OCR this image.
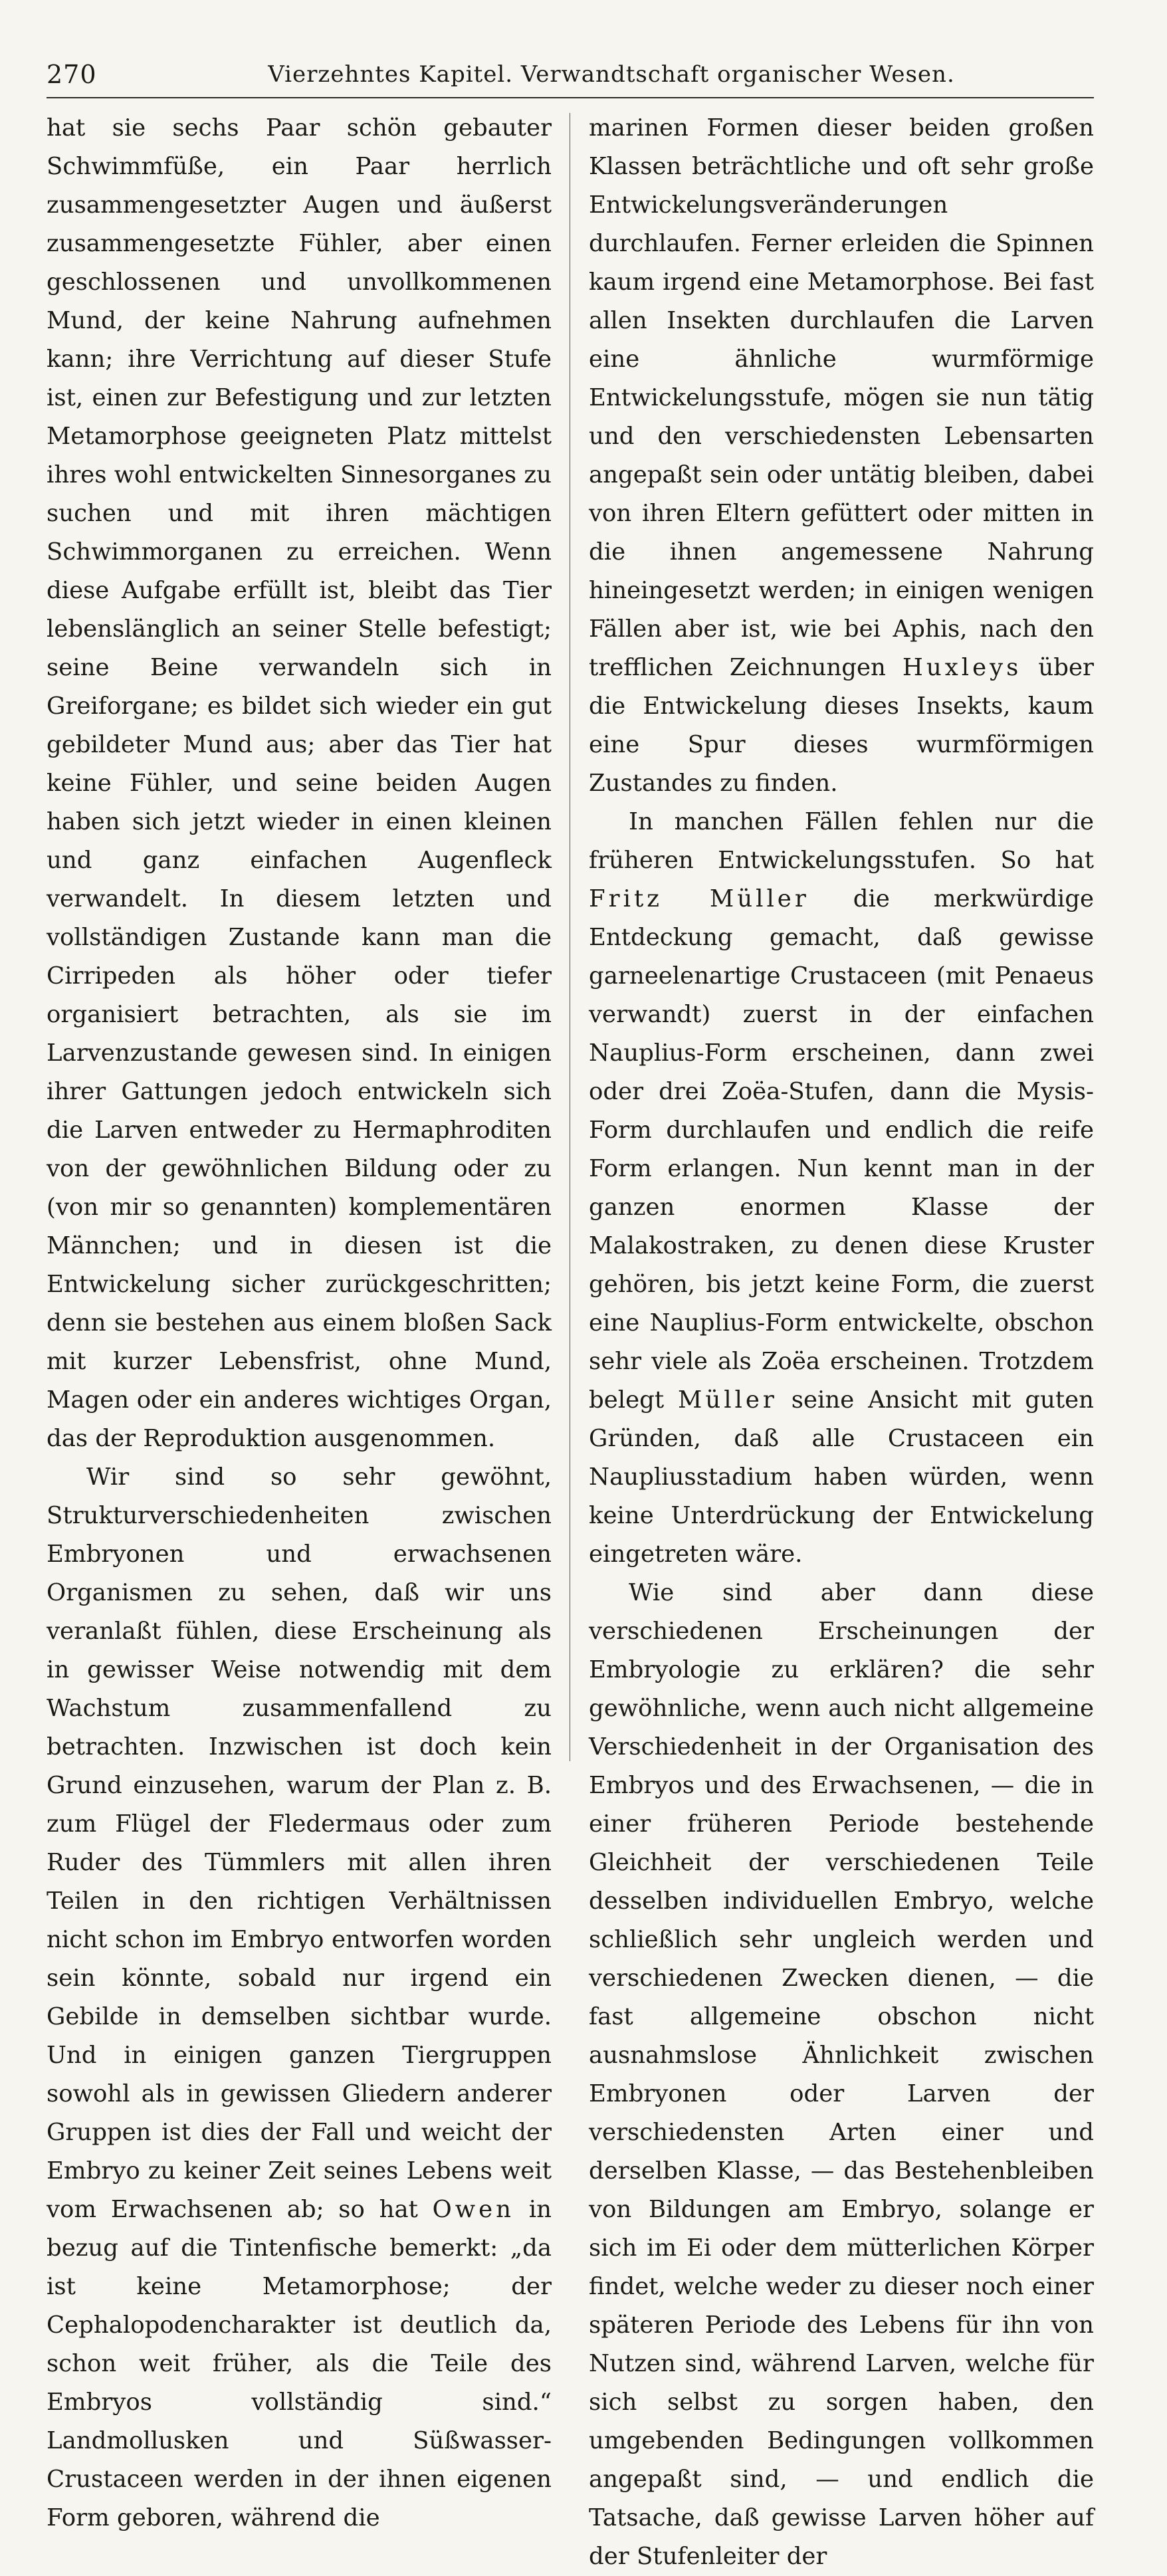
270	Vierzehntes Kapitel. Verwandtschaft organischer Wesen.

hat sie sechs Paar schön gebauter Schwimmfüße, ein Paar herrlich zusammengesetzter Augen und äußerst zusammengesetzte Fühler, aber einen geschlossenen und unvollkommenen Mund, der keine Nahrung aufnehmen kann; ihre Verrichtung auf dieser Stufe ist, einen zur Befestigung und zur letzten Metamorphose geeigneten Platz mittelst ihres wohl entwickelten Sinnesorganes zu suchen und mit ihren mächtigen Schwimmorganen zu erreichen. Wenn diese Aufgabe erfüllt ist, bleibt das Tier lebenslänglich an seiner Stelle befestigt; seine Beine verwandeln sich in Greiforgane; es bildet sich wieder ein gut gebildeter Mund aus; aber das Tier hat keine Fühler, und seine beiden Augen haben sich jetzt wieder in einen kleinen und ganz einfachen Augenfleck verwandelt. In diesem letzten und vollständigen Zustande kann man die Cirripeden als höher oder tiefer organisiert betrachten, als sie im Larvenzustande gewesen sind. In einigen ihrer Gattungen jedoch entwickeln sich die Larven entweder zu Hermaphroditen von der gewöhnlichen Bildung oder zu (von mir so genannten) komplementären Männchen; und in diesen ist die Entwickelung sicher zurückgeschritten; denn sie bestehen aus einem bloßen Sack mit kurzer Lebensfrist, ohne Mund, Magen oder ein anderes wichtiges Organ, das der Reproduktion ausgenommen.

Wir sind so sehr gewöhnt, Strukturverschiedenheiten zwischen Embryonen und erwachsenen Organismen zu sehen, daß wir uns veranlaßt fühlen, diese Erscheinung als in gewisser Weise notwendig mit dem Wachstum zusammenfallend zu betrachten. Inzwischen ist doch kein Grund einzusehen, warum der Plan z. B. zum Flügel der Fledermaus oder zum Ruder des Tümmlers mit allen ihren Teilen in den richtigen Verhältnissen nicht schon im Embryo entworfen worden sein könnte, sobald nur irgend ein Gebilde in demselben sichtbar wurde. Und in einigen ganzen Tiergruppen sowohl als in gewissen Gliedern anderer Gruppen ist dies der Fall und weicht der Embryo zu keiner Zeit seines Lebens weit vom Erwachsenen ab; so hat Owen in bezug auf die Tintenfische bemerkt: „da ist keine Metamorphose; der Cephalopodencharakter ist deutlich da, schon weit früher, als die Teile des Embryos vollständig sind.“ Landmollusken und Süßwasser-Crustaceen werden in der ihnen eigenen Form geboren, während die

marinen Formen dieser beiden großen Klassen beträchtliche und oft sehr große Entwickelungsveränderungen durchlaufen. Ferner erleiden die Spinnen kaum irgend eine Metamorphose. Bei fast allen Insekten durchlaufen die Larven eine ähnliche wurmförmige Entwickelungsstufe, mögen sie nun tätig und den verschiedensten Lebensarten angepaßt sein oder untätig bleiben, dabei von ihren Eltern gefüttert oder mitten in die ihnen angemessene Nahrung hineingesetzt werden; in einigen wenigen Fällen aber ist, wie bei Aphis, nach den trefflichen Zeichnungen Huxleys über die Entwickelung dieses Insekts, kaum eine Spur dieses wurmförmigen Zustandes zu finden.

In manchen Fällen fehlen nur die früheren Entwickelungsstufen. So hat Fritz Müller die merkwürdige Entdeckung gemacht, daß gewisse garneelenartige Crustaceen (mit Penaeus verwandt) zuerst in der einfachen Nauplius-Form erscheinen, dann zwei oder drei Zoëa-Stufen, dann die Mysis-Form durchlaufen und endlich die reife Form erlangen. Nun kennt man in der ganzen enormen Klasse der Malakostraken, zu denen diese Kruster gehören, bis jetzt keine Form, die zuerst eine Nauplius-Form entwickelte, obschon sehr viele als Zoëa erscheinen. Trotzdem belegt Müller seine Ansicht mit guten Gründen, daß alle Crustaceen ein Naupliusstadium haben würden, wenn keine Unterdrückung der Entwickelung eingetreten wäre.

Wie sind aber dann diese verschiedenen Erscheinungen der Embryologie zu erklären? die sehr gewöhnliche, wenn auch nicht allgemeine Verschiedenheit in der Organisation des Embryos und des Erwachsenen, — die in einer früheren Periode bestehende Gleichheit der verschiedenen Teile desselben individuellen Embryo, welche schließlich sehr ungleich werden und verschiedenen Zwecken dienen, — die fast allgemeine obschon nicht ausnahmslose Ähnlichkeit zwischen Embryonen oder Larven der verschiedensten Arten einer und derselben Klasse, — das Bestehenbleiben von Bildungen am Embryo, solange er sich im Ei oder dem mütterlichen Körper findet, welche weder zu dieser noch einer späteren Periode des Lebens für ihn von Nutzen sind, während Larven, welche für sich selbst zu sorgen haben, den umgebenden Bedingungen vollkommen angepaßt sind, — und endlich die Tatsache, daß gewisse Larven höher auf der Stufenleiter der
